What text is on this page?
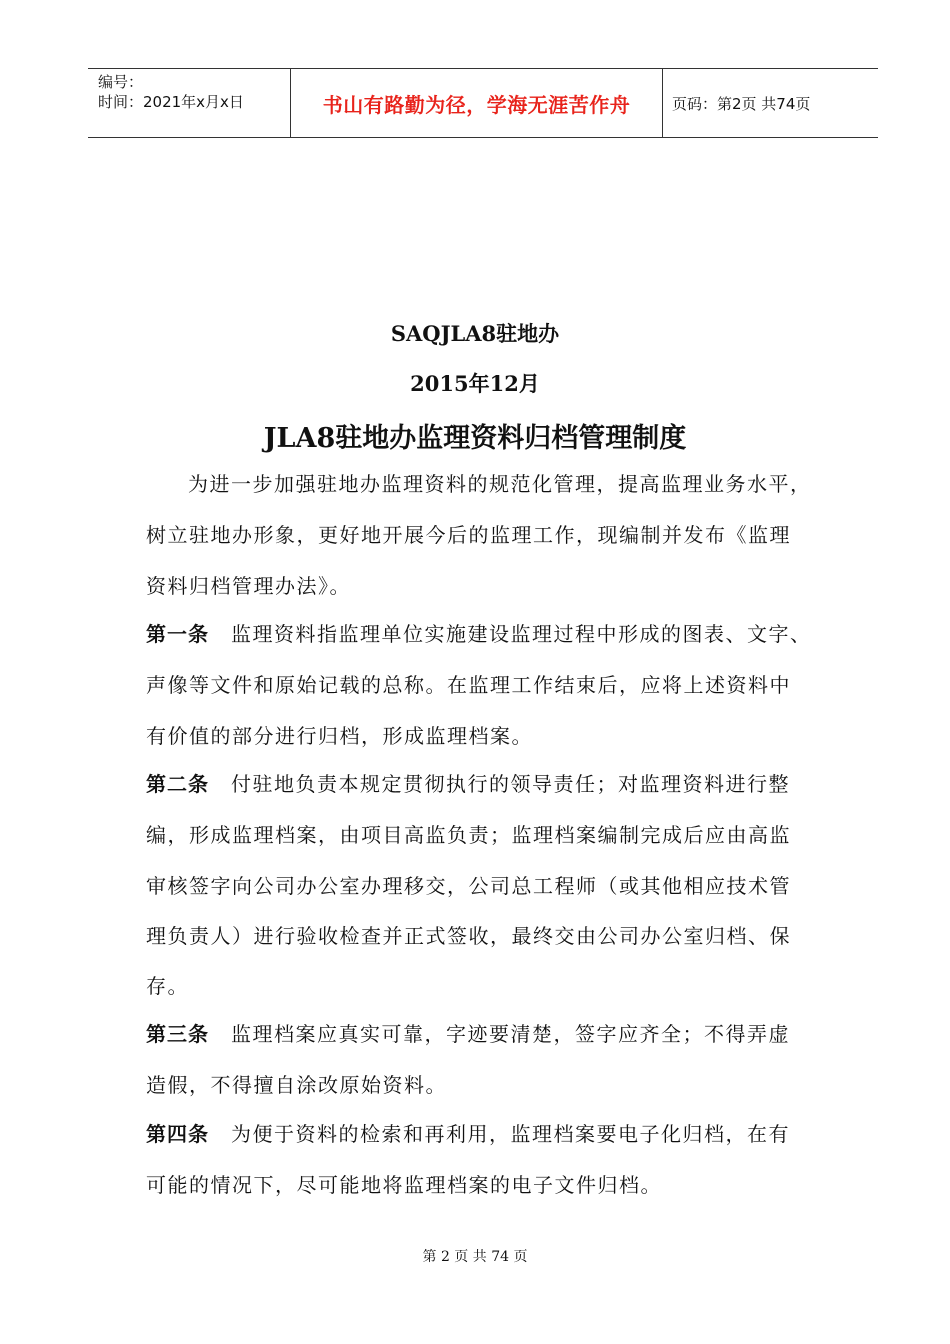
编号：
时间：2021年x月x日	书山有路勤为径，学海无涯苦作舟	页码：第2页 共74页
SAQJLA8驻地办
2015年12月
JLA8驻地办监理资料归档管理制度
为进一步加强驻地办监理资料的规范化管理，提高监理业务水平，
树立驻地办形象，更好地开展今后的监理工作，现编制并发布《监理
资料归档管理办法》。
第一条 监理资料指监理单位实施建设监理过程中形成的图表、文字、
声像等文件和原始记载的总称。在监理工作结束后，应将上述资料中
有价值的部分进行归档，形成监理档案。
第二条 付驻地负责本规定贯彻执行的领导责任；对监理资料进行整
编，形成监理档案，由项目高监负责；监理档案编制完成后应由高监
审核签字向公司办公室办理移交，公司总工程师（或其他相应技术管
理负责人）进行验收检查并正式签收，最终交由公司办公室归档、保
存。
第三条 监理档案应真实可靠，字迹要清楚，签字应齐全；不得弄虚
造假，不得擅自涂改原始资料。
第四条 为便于资料的检索和再利用，监理档案要电子化归档，在有
可能的情况下，尽可能地将监理档案的电子文件归档。
第 2 页 共 74 页
